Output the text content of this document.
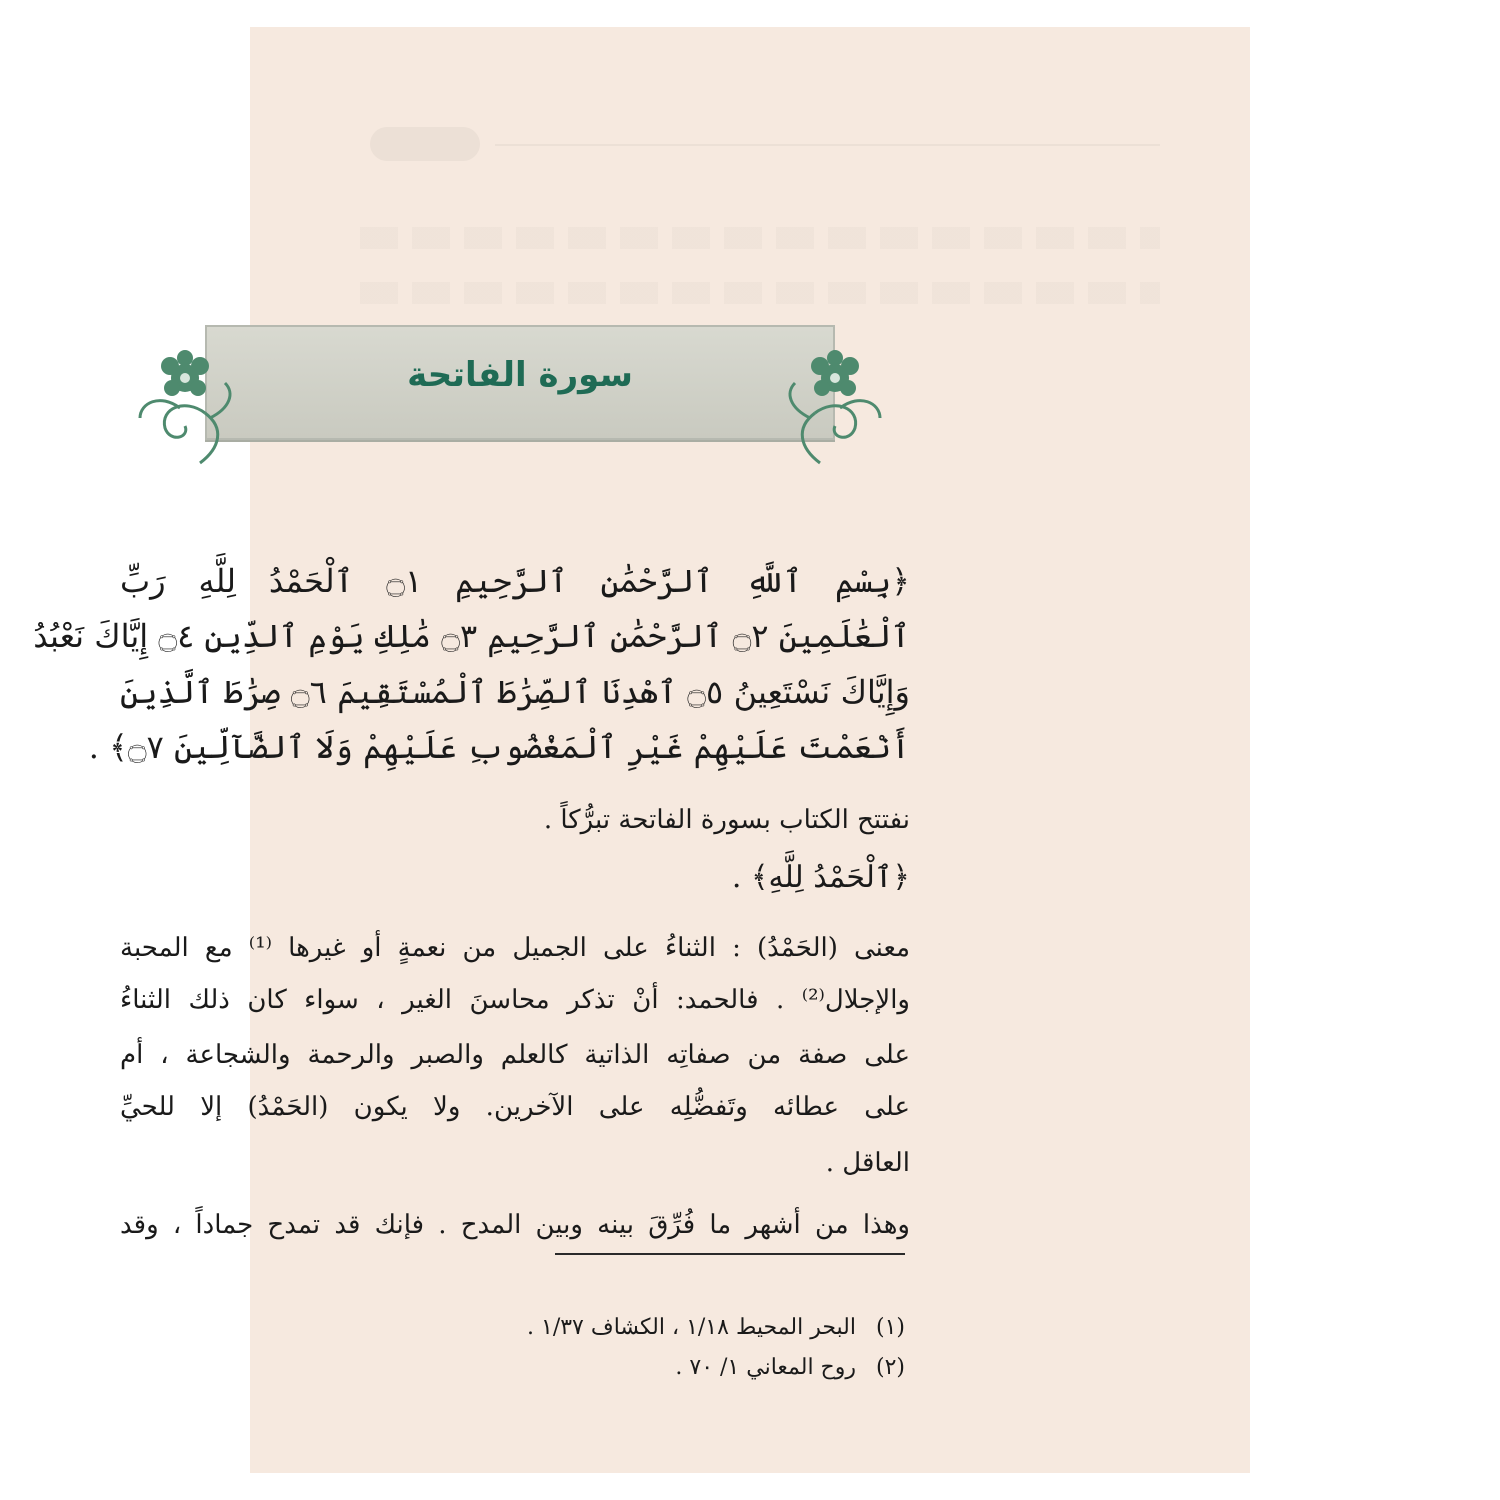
سورة الفاتحة
﴿بِسْمِ ٱللَّهِ ٱلرَّحْمَٰنِ ٱلرَّحِيمِ ۝١ ٱلْحَمْدُ لِلَّهِ رَبِّ
ٱلْعَٰلَمِينَ ۝٢ ٱلرَّحْمَٰنِ ٱلرَّحِيمِ ۝٣ مَٰلِكِ يَوْمِ ٱلدِّينِ ۝٤ إِيَّاكَ نَعْبُدُ
وَإِيَّاكَ نَسْتَعِينُ ۝٥ ٱهْدِنَا ٱلصِّرَٰطَ ٱلْمُسْتَقِيمَ ۝٦ صِرَٰطَ ٱلَّذِينَ
أَنْعَمْتَ عَلَيْهِمْ غَيْرِ ٱلْمَغْضُوبِ عَلَيْهِمْ وَلَا ٱلضَّآلِّينَ ۝٧﴾ .
نفتتح الكتاب بسورة الفاتحة تبرُّكاً .
﴿ٱلْحَمْدُ لِلَّهِ﴾ .
معنى (الحَمْدُ) : الثناءُ على الجميل من نعمةٍ أو غيرها ⁽¹⁾ مع المحبة
والإجلال⁽²⁾ . فالحمد: أنْ تذكر محاسنَ الغير ، سواء كان ذلك الثناءُ
على صفة من صفاتِه الذاتية كالعلم والصبر والرحمة والشجاعة ، أم
على عطائه وتَفضُّلِه على الآخرين. ولا يكون (الحَمْدُ) إلا للحيِّ
العاقل .
وهذا من أشهر ما فُرِّقَ بينه وبين المدح . فإنك قد تمدح جماداً ، وقد
(١) البحر المحيط ١/١٨ ، الكشاف ١/٣٧ .
(٢) روح المعاني ١/ ٧٠ .
